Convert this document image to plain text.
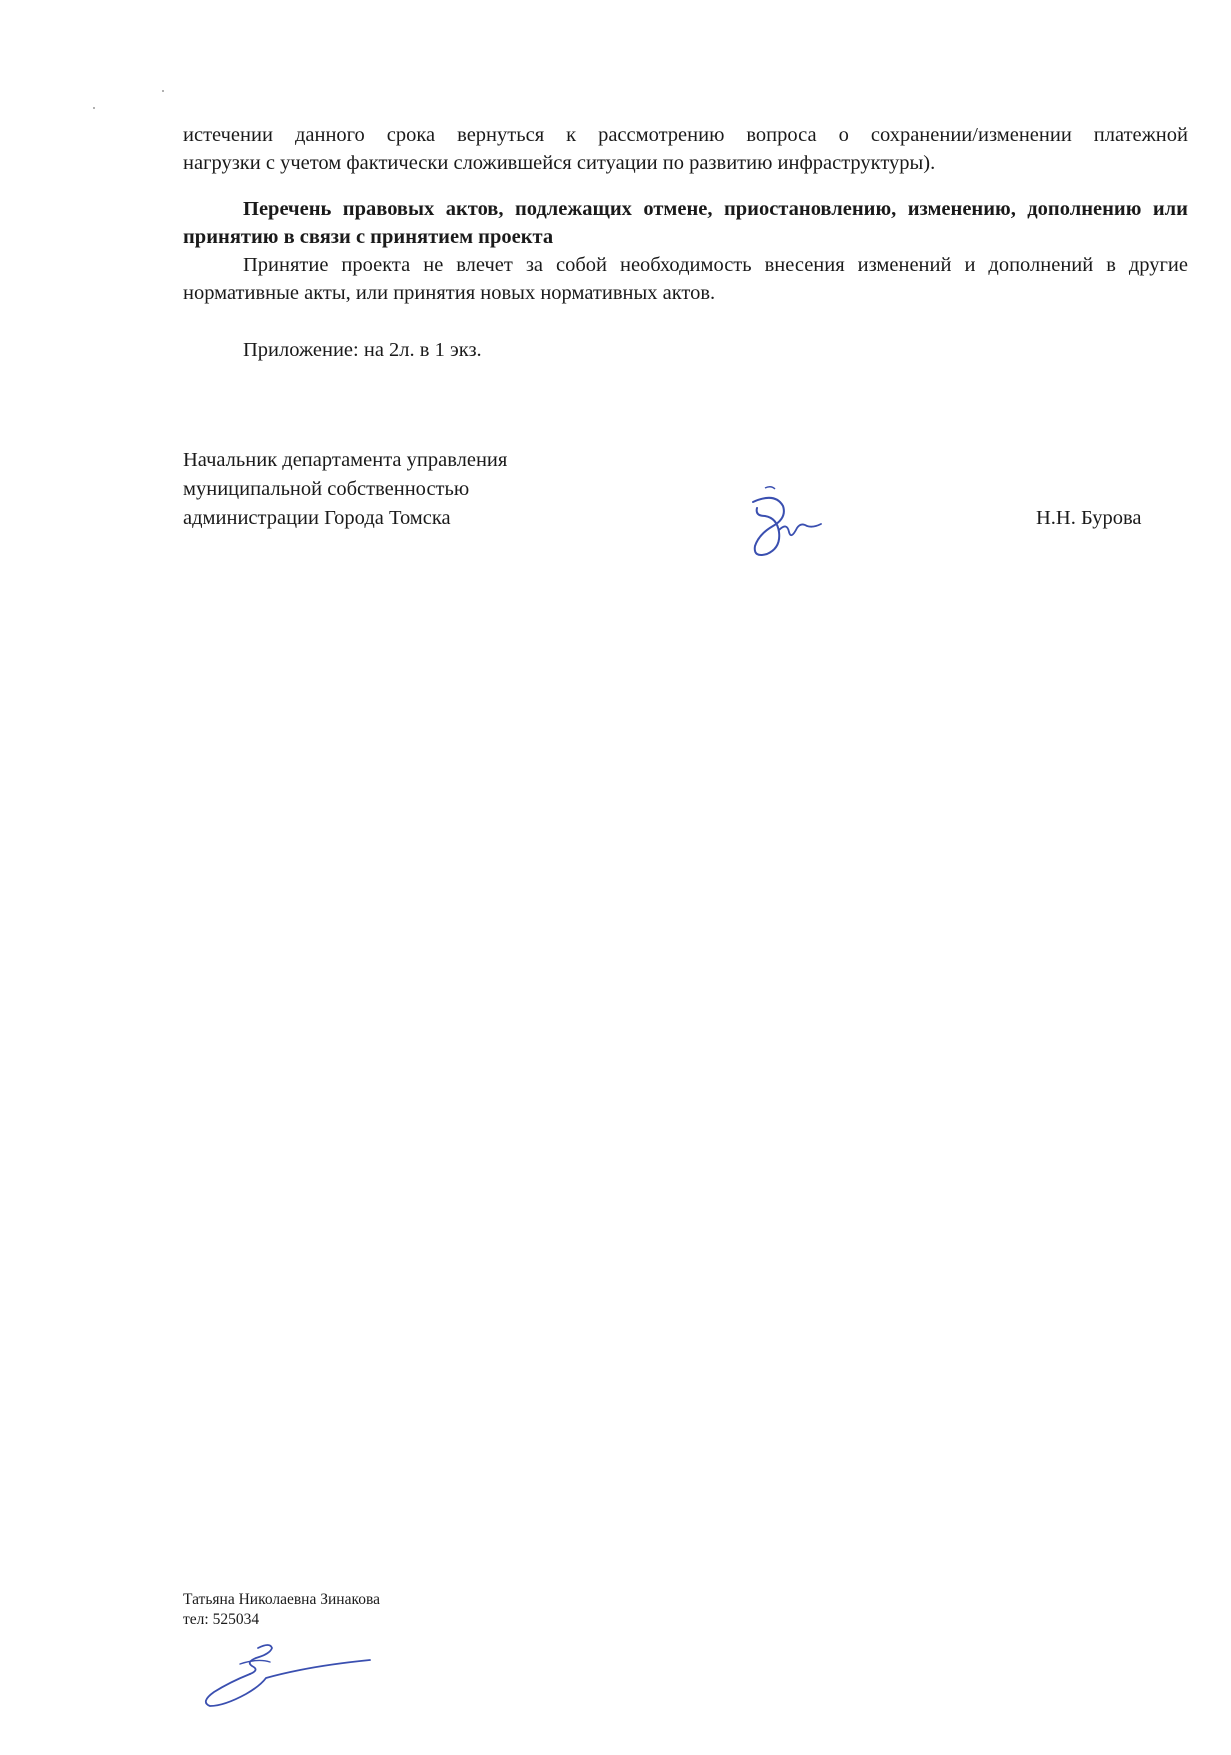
истечении данного срока вернуться к рассмотрению вопроса о сохранении/изменении платежной
нагрузки с учетом фактически сложившейся ситуации по развитию инфраструктуры).
Перечень правовых актов, подлежащих отмене, приостановлению, изменению, дополнению или принятию в связи с принятием проекта
Принятие проекта не влечет за собой необходимость внесения изменений и дополнений в другие нормативные акты, или принятия новых нормативных актов.
Приложение: на 2л. в 1 экз.
Начальник департамента управления
муниципальной собственностью
администрации Города Томска	Н.Н. Бурова
Татьяна Николаевна Зинакова
тел: 525034
